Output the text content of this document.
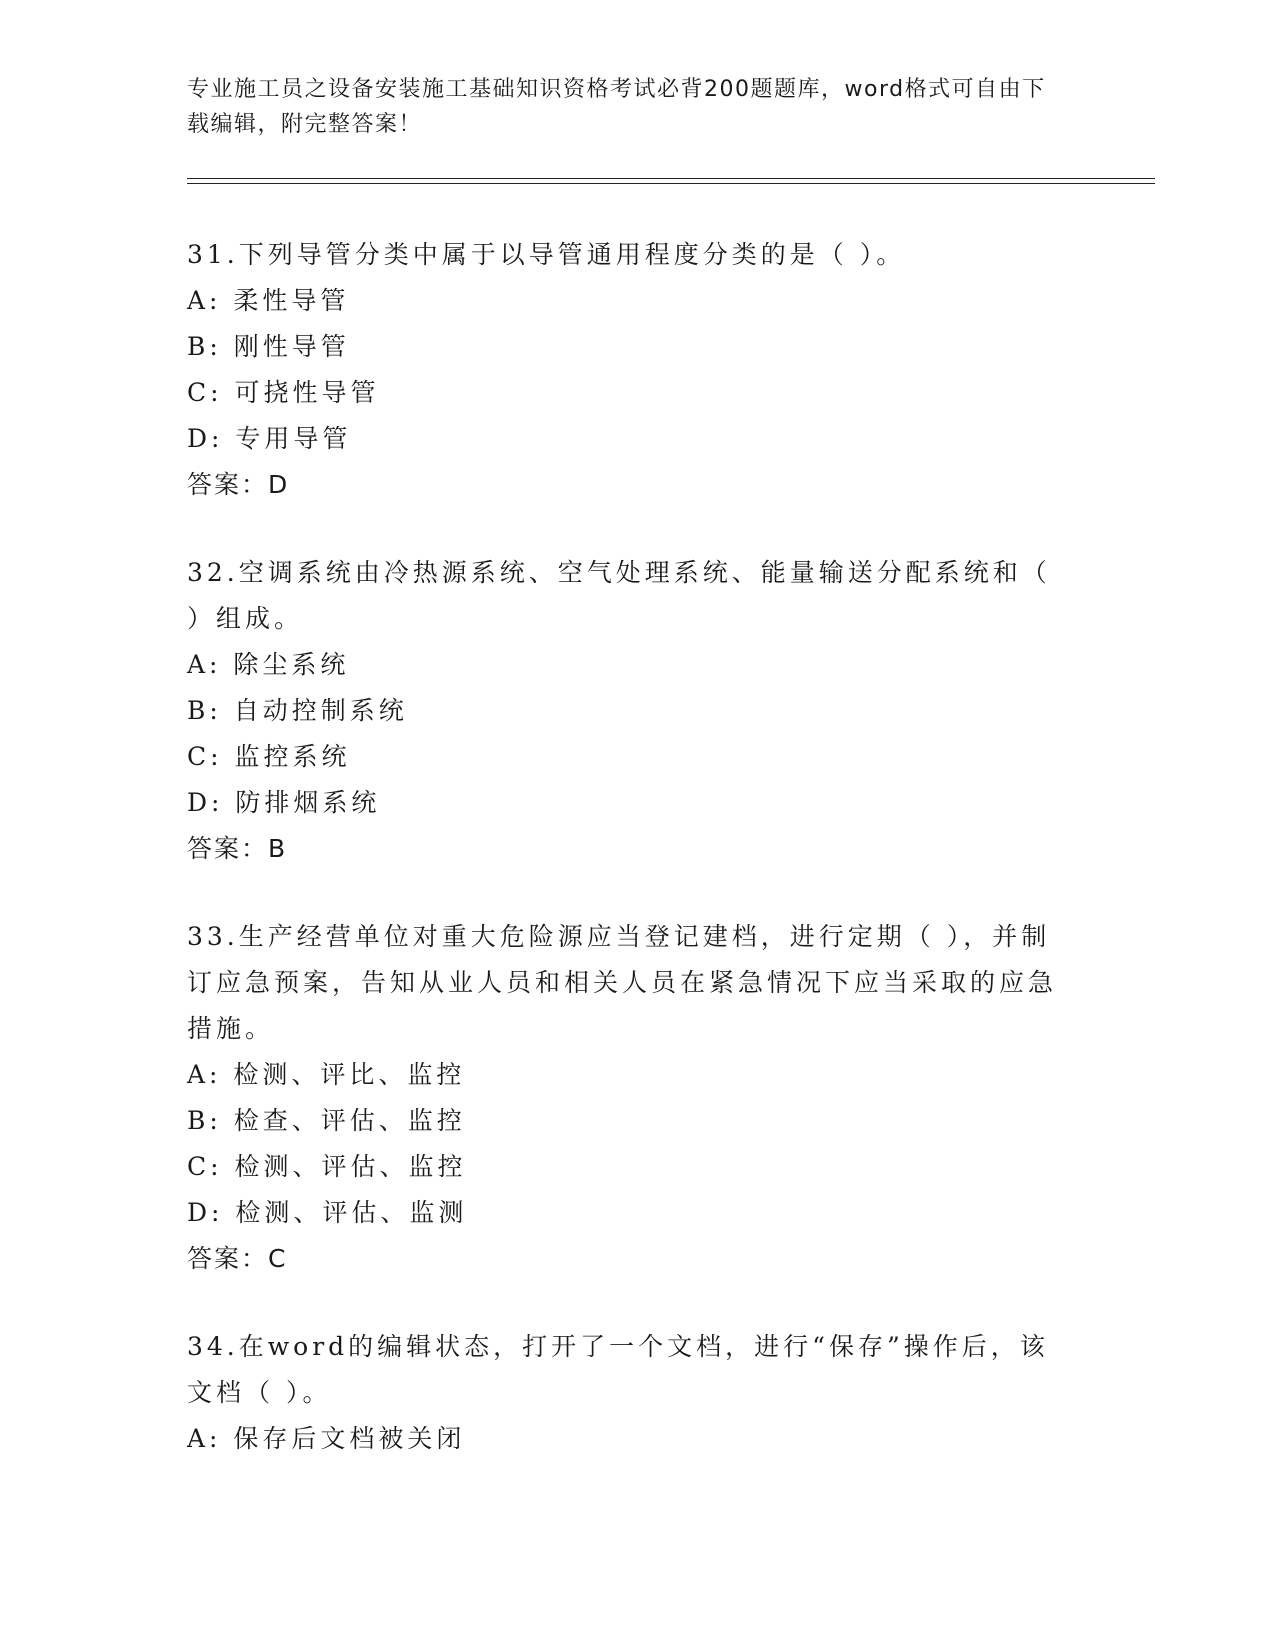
专业施工员之设备安装施工基础知识资格考试必背200题题库，word格式可自由下载编辑，附完整答案！
31.下列导管分类中属于以导管通用程度分类的是（ ）。
A: 柔性导管
B: 刚性导管
C: 可挠性导管
D: 专用导管
答案：D
32.空调系统由冷热源系统、空气处理系统、能量输送分配系统和（ ）组成。
A: 除尘系统
B: 自动控制系统
C: 监控系统
D: 防排烟系统
答案：B
33.生产经营单位对重大危险源应当登记建档，进行定期（ ），并制订应急预案，告知从业人员和相关人员在紧急情况下应当采取的应急措施。
A: 检测、评比、监控
B: 检查、评估、监控
C: 检测、评估、监控
D: 检测、评估、监测
答案：C
34.在word的编辑状态，打开了一个文档，进行“保存”操作后，该文档（ ）。
A: 保存后文档被关闭
